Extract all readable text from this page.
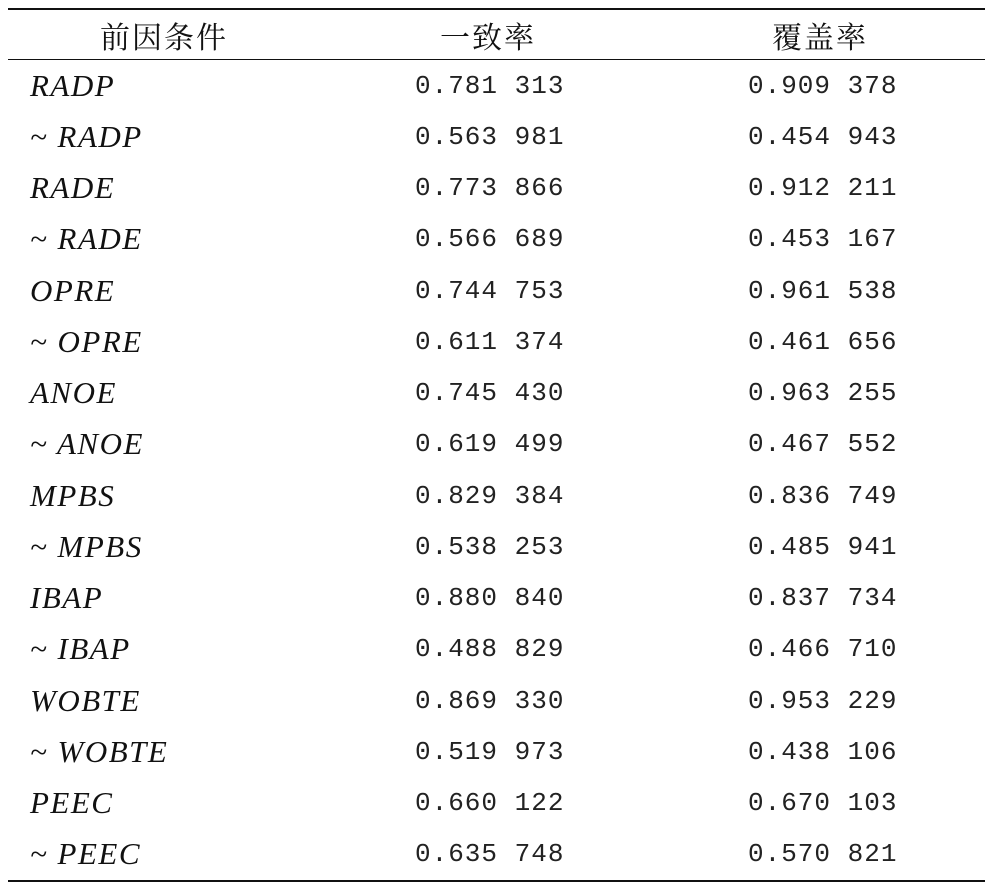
前因条件	一致率	覆盖率
RADP	0.781 313	0.909 378
~ RADP	0.563 981	0.454 943
RADE	0.773 866	0.912 211
~ RADE	0.566 689	0.453 167
OPRE	0.744 753	0.961 538
~ OPRE	0.611 374	0.461 656
ANOE	0.745 430	0.963 255
~ ANOE	0.619 499	0.467 552
MPBS	0.829 384	0.836 749
~ MPBS	0.538 253	0.485 941
IBAP	0.880 840	0.837 734
~ IBAP	0.488 829	0.466 710
WOBTE	0.869 330	0.953 229
~ WOBTE	0.519 973	0.438 106
PEEC	0.660 122	0.670 103
~ PEEC	0.635 748	0.570 821
